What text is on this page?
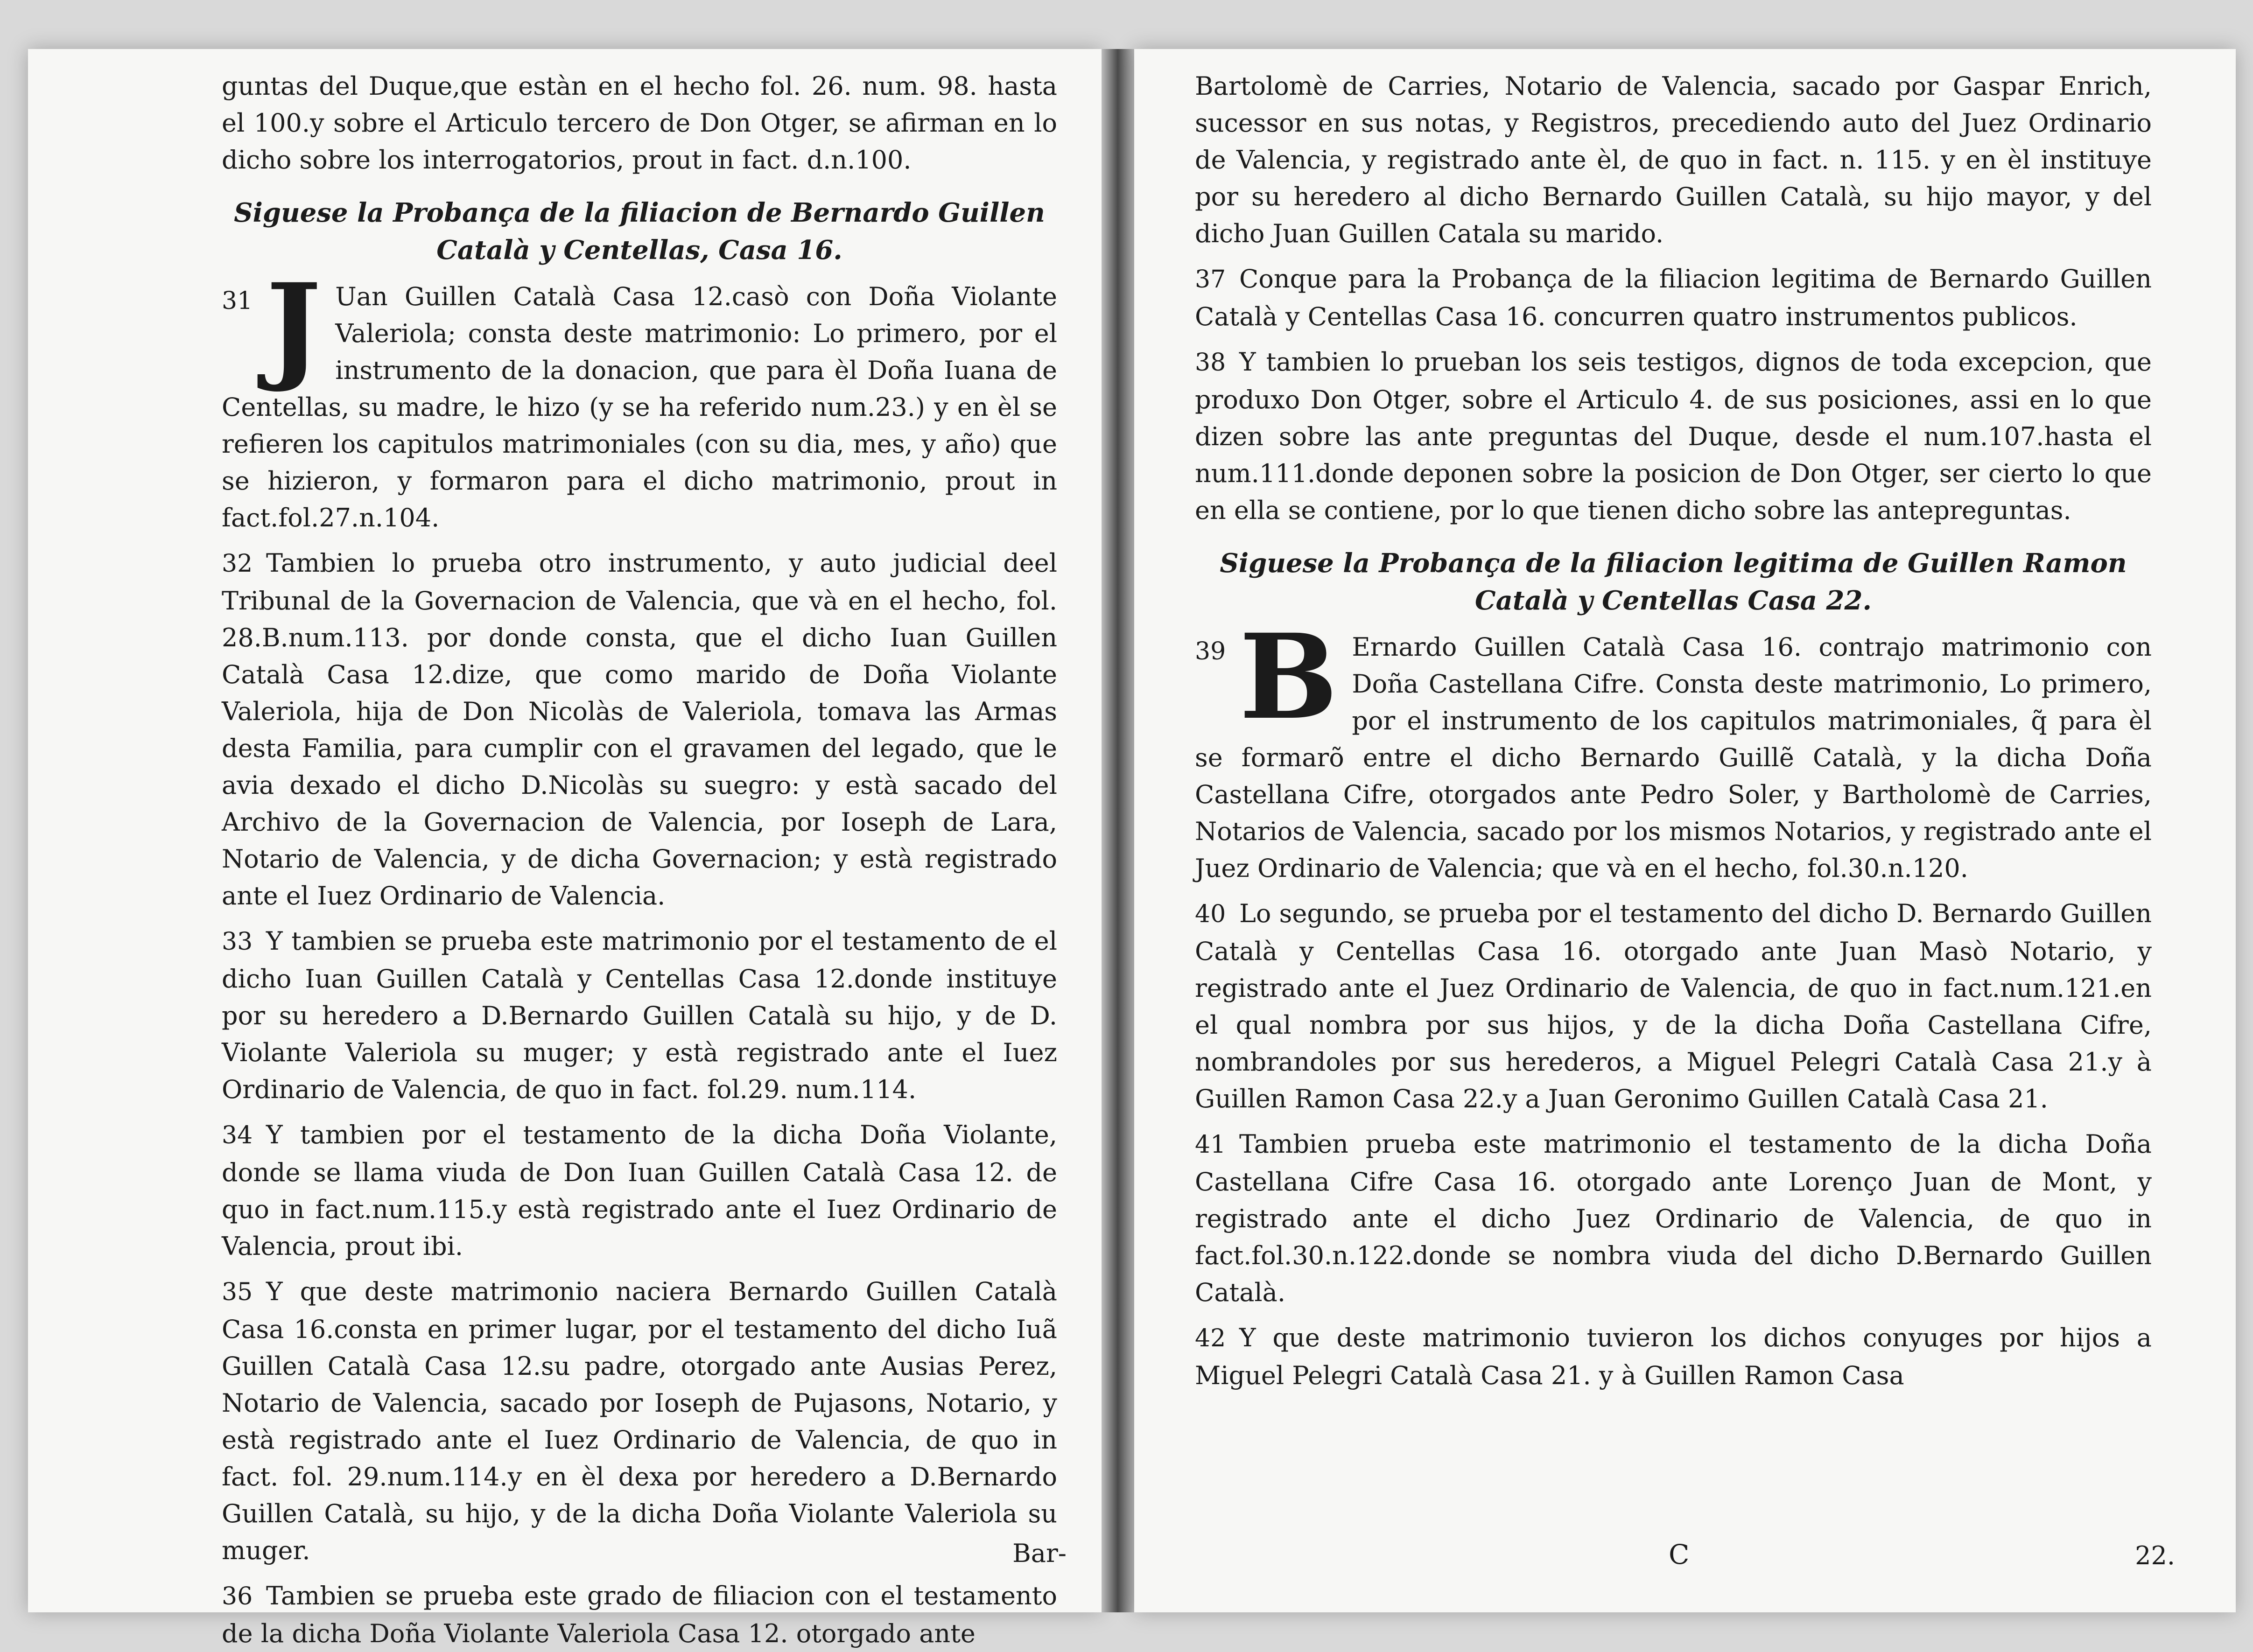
guntas del Duque,que estàn en el hecho fol. 26. num. 98. hasta el 100.y sobre el Articulo tercero de Don Otger, se afirman en lo dicho sobre los interrogatorios, prout in fact. d.n.100.

Siguese la Probança de la filiacion de Bernardo Guillen Català y Centellas, Casa 16.

31 J Uan Guillen Català Casa 12.casò con Doña Violante Valeriola; consta deste matrimonio: Lo primero, por el instrumento de la donacion, que para èl Doña Iuana de Centellas, su madre, le hizo (y se ha referido num.23.) y en èl se refieren los capitulos matrimoniales (con su dia, mes, y año) que se hizieron, y formaron para el dicho matrimonio, prout in fact.fol.27.n.104.

32 Tambien lo prueba otro instrumento, y auto judicial deel Tribunal de la Governacion de Valencia, que và en el hecho, fol. 28.B.num.113. por donde consta, que el dicho Iuan Guillen Català Casa 12.dize, que como marido de Doña Violante Valeriola, hija de Don Nicolàs de Valeriola, tomava las Armas desta Familia, para cumplir con el gravamen del legado, que le avia dexado el dicho D.Nicolàs su suegro: y està sacado del Archivo de la Governacion de Valencia, por Ioseph de Lara, Notario de Valencia, y de dicha Governacion; y està registrado ante el Iuez Ordinario de Valencia.

33 Y tambien se prueba este matrimonio por el testamento de el dicho Iuan Guillen Català y Centellas Casa 12.donde instituye por su heredero a D.Bernardo Guillen Català su hijo, y de D. Violante Valeriola su muger; y està registrado ante el Iuez Ordinario de Valencia, de quo in fact. fol.29. num.114.

34 Y tambien por el testamento de la dicha Doña Violante, donde se llama viuda de Don Iuan Guillen Català Casa 12. de quo in fact.num.115.y està registrado ante el Iuez Ordinario de Valencia, prout ibi.

35 Y que deste matrimonio naciera Bernardo Guillen Català Casa 16.consta en primer lugar, por el testamento del dicho Iuã Guillen Català Casa 12.su padre, otorgado ante Ausias Perez, Notario de Valencia, sacado por Ioseph de Pujasons, Notario, y està registrado ante el Iuez Ordinario de Valencia, de quo in fact. fol. 29.num.114.y en èl dexa por heredero a D.Bernardo Guillen Català, su hijo, y de la dicha Doña Violante Valeriola su muger.

36 Tambien se prueba este grado de filiacion con el testamento de la dicha Doña Violante Valeriola Casa 12. otorgado ante

Bar-

Bartolomè de Carries, Notario de Valencia, sacado por Gaspar Enrich, sucessor en sus notas, y Registros, precediendo auto del Juez Ordinario de Valencia, y registrado ante èl, de quo in fact. n. 115. y en èl instituye por su heredero al dicho Bernardo Guillen Català, su hijo mayor, y del dicho Juan Guillen Catala su marido.

37 Conque para la Probança de la filiacion legitima de Bernardo Guillen Català y Centellas Casa 16. concurren quatro instrumentos publicos.

38 Y tambien lo prueban los seis testigos, dignos de toda excepcion, que produxo Don Otger, sobre el Articulo 4. de sus posiciones, assi en lo que dizen sobre las ante preguntas del Duque, desde el num.107.hasta el num.111.donde deponen sobre la posicion de Don Otger, ser cierto lo que en ella se contiene, por lo que tienen dicho sobre las antepreguntas.

Siguese la Probança de la filiacion legitima de Guillen Ramon Català y Centellas Casa 22.

39 B Ernardo Guillen Català Casa 16. contrajo matrimonio con Doña Castellana Cifre. Consta deste matrimonio, Lo primero, por el instrumento de los capitulos matrimoniales, q̃ para èl se formarõ entre el dicho Bernardo Guillẽ Català, y la dicha Doña Castellana Cifre, otorgados ante Pedro Soler, y Bartholomè de Carries, Notarios de Valencia, sacado por los mismos Notarios, y registrado ante el Juez Ordinario de Valencia; que và en el hecho, fol.30.n.120.

40 Lo segundo, se prueba por el testamento del dicho D. Bernardo Guillen Català y Centellas Casa 16. otorgado ante Juan Masò Notario, y registrado ante el Juez Ordinario de Valencia, de quo in fact.num.121.en el qual nombra por sus hijos, y de la dicha Doña Castellana Cifre, nombrandoles por sus herederos, a Miguel Pelegri Català Casa 21.y à Guillen Ramon Casa 22.y a Juan Geronimo Guillen Català Casa 21.

41 Tambien prueba este matrimonio el testamento de la dicha Doña Castellana Cifre Casa 16. otorgado ante Lorenço Juan de Mont, y registrado ante el dicho Juez Ordinario de Valencia, de quo in fact.fol.30.n.122.donde se nombra viuda del dicho D.Bernardo Guillen Català.

42 Y que deste matrimonio tuvieron los dichos conyuges por hijos a Miguel Pelegri Català Casa 21. y à Guillen Ramon Casa

C	22.
